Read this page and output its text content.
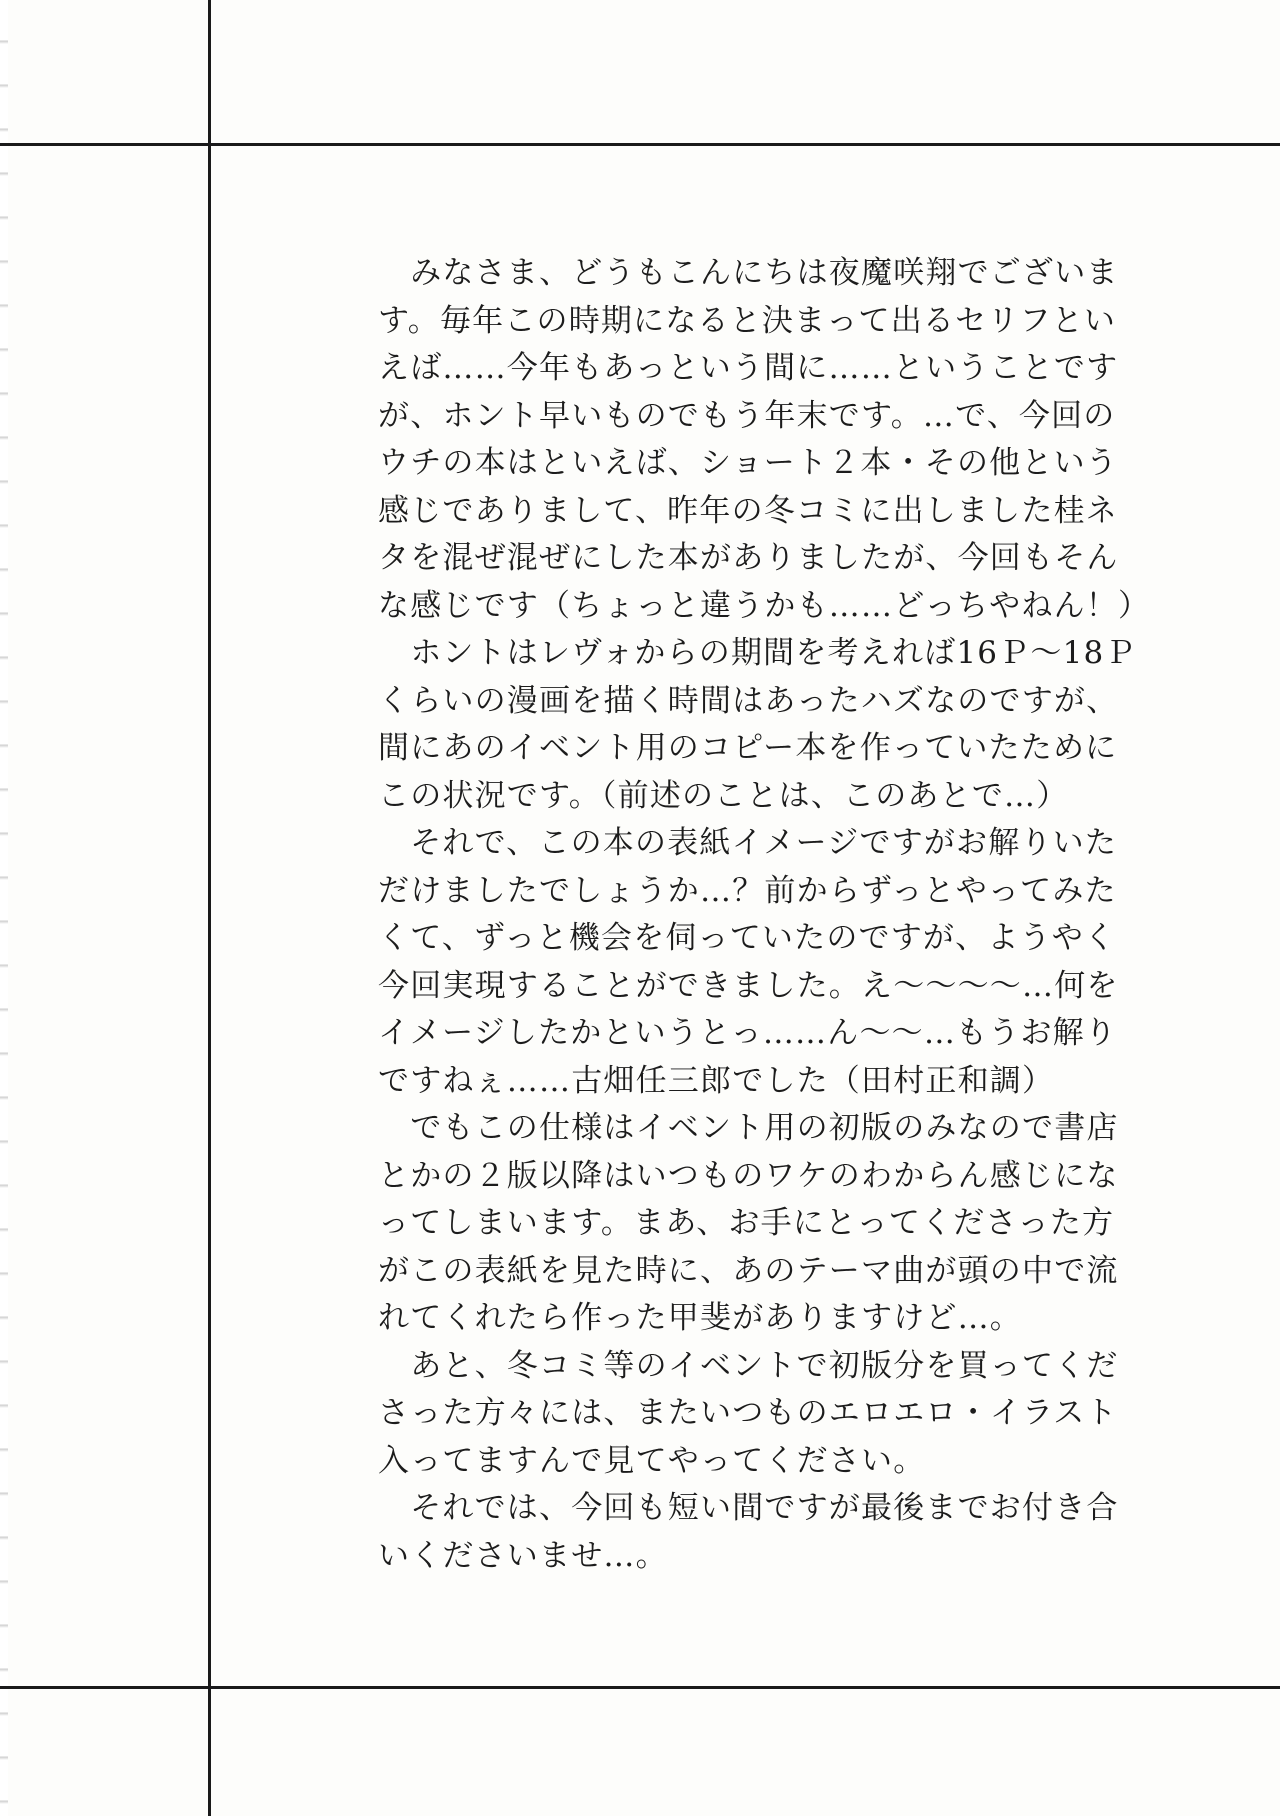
　みなさま、どうもこんにちは夜魔咲翔でございま
す。毎年この時期になると決まって出るセリフとい
えば……今年もあっという間に……ということです
が、ホント早いものでもう年末です。…で、今回の
ウチの本はといえば、ショート２本・その他という
感じでありまして、昨年の冬コミに出しました桂ネ
タを混ぜ混ぜにした本がありましたが、今回もそん
な感じです（ちょっと違うかも……どっちやねん！）
　ホントはレヴォからの期間を考えれば16Ｐ～18Ｐ
くらいの漫画を描く時間はあったハズなのですが、
間にあのイベント用のコピー本を作っていたために
この状況です。（前述のことは、このあとで…）
　それで、この本の表紙イメージですがお解りいた
だけましたでしょうか…？前からずっとやってみた
くて、ずっと機会を伺っていたのですが、ようやく
今回実現することができました。え～～～～…何を
イメージしたかというとっ……ん～～…もうお解り
ですねぇ……古畑任三郎でした（田村正和調）
　でもこの仕様はイベント用の初版のみなので書店
とかの２版以降はいつものワケのわからん感じにな
ってしまいます。まあ、お手にとってくださった方
がこの表紙を見た時に、あのテーマ曲が頭の中で流
れてくれたら作った甲斐がありますけど…。
　あと、冬コミ等のイベントで初版分を買ってくだ
さった方々には、またいつものエロエロ・イラスト
入ってますんで見てやってください。
　それでは、今回も短い間ですが最後までお付き合
いくださいませ…。
